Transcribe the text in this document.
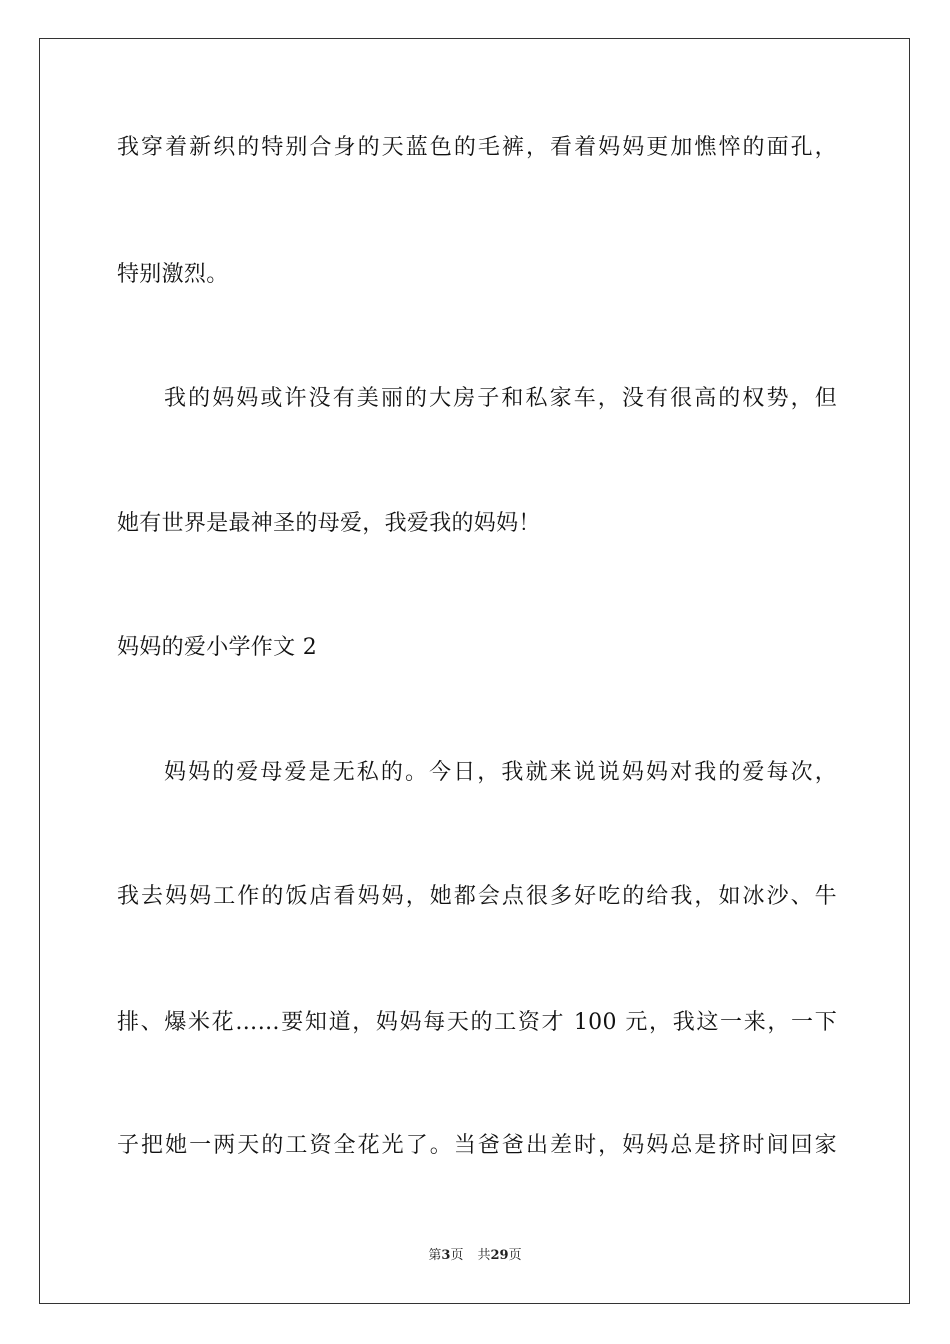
我穿着新织的特别合身的天蓝色的毛裤，看着妈妈更加憔悴的面孔，
特别激烈。
我的妈妈或许没有美丽的大房子和私家车，没有很高的权势，但
她有世界是最神圣的母爱，我爱我的妈妈！
妈妈的爱小学作文 2
妈妈的爱母爱是无私的。今日，我就来说说妈妈对我的爱每次，
我去妈妈工作的饭店看妈妈，她都会点很多好吃的给我，如冰沙、牛
排、爆米花……要知道，妈妈每天的工资才 100 元，我这一来，一下
子把她一两天的工资全花光了。当爸爸出差时，妈妈总是挤时间回家
第3页 共29页
